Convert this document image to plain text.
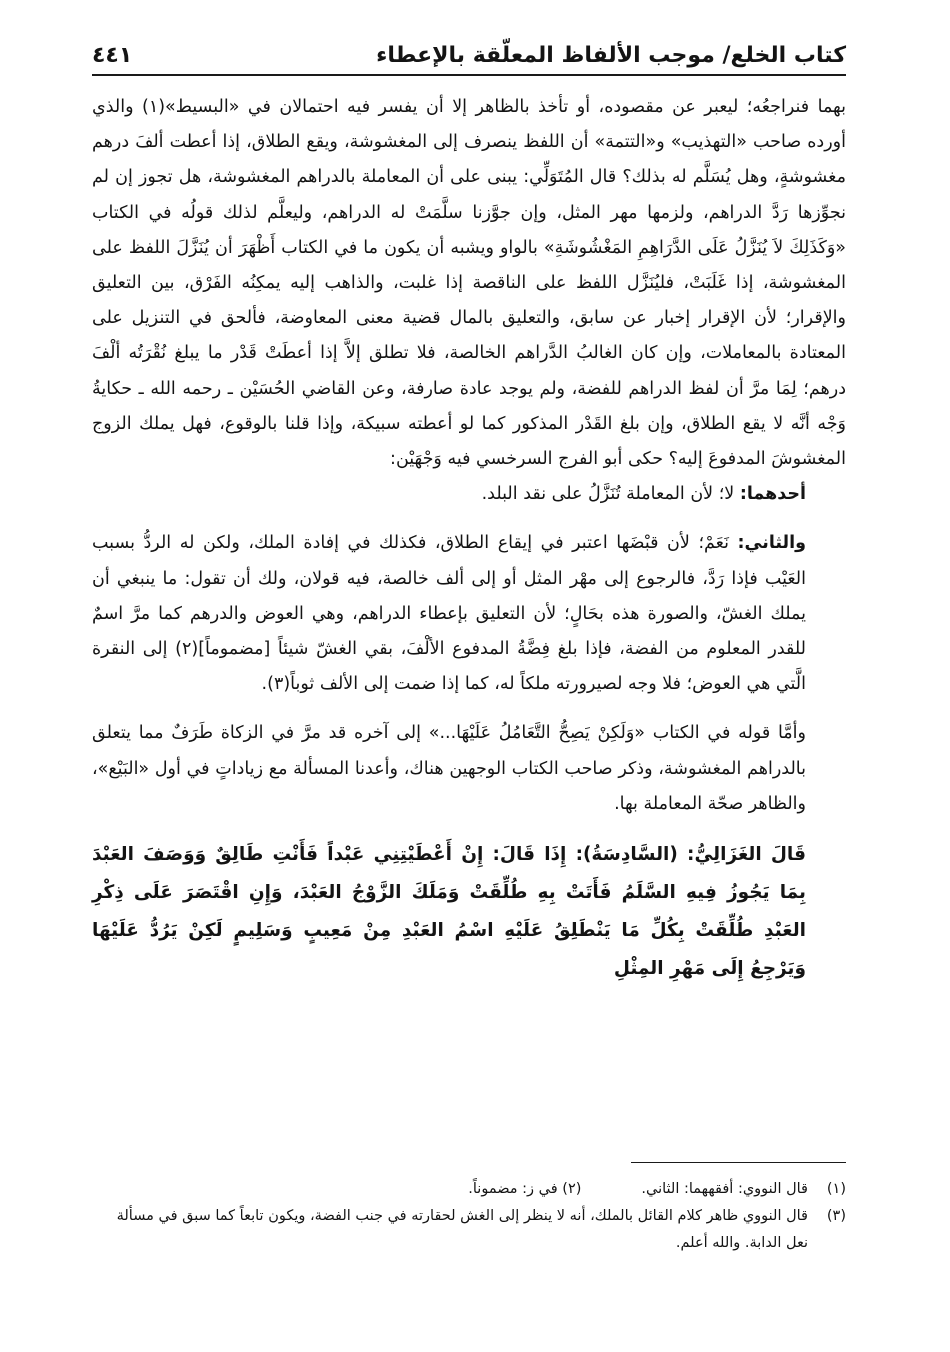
كتاب الخلع/ موجب الألفاظ المعلّقة بالإعطاء
٤٤١

بهما فنراجعُه؛ ليعبر عن مقصوده، أو تأخذ بالظاهر إلا أن يفسر فيه احتمالان في «البسيط»(١) والذي أورده صاحب «التهذيب» و«التتمة» أن اللفظ ينصرف إلى المغشوشة، ويقع الطلاق، إذا أعطت ألفَ درهم مغشوشةٍ، وهل يُسَلَّم له بذلك؟ قال المُتَوَلِّي: يبنى على أن المعاملة بالدراهم المغشوشة، هل تجوز إن لم نجوِّزها رَدَّ الدراهم، ولزمها مهر المثل، وإن جوَّزنا سلَّمَتْ له الدراهم، وليعلَّم لذلك قولُه في الكتاب «وَكَذَلِكَ لاَ يُنَزَّلُ عَلَى الدَّرَاهِمِ المَغْشُوشَةِ» بالواو ويشبه أن يكون ما في الكتاب أَظْهَرَ أن يُنَزَّلَ اللفظ على المغشوشة، إذا غَلَبَتْ، فليُنَزَّل اللفظ على الناقصة إذا غلبت، والذاهب إليه يمكِنُه الفَرْق، بين التعليق والإقرار؛ لأن الإقرار إخبار عن سابق، والتعليق بالمال قضية معنى المعاوضة، فألحق في التنزيل على المعتادة بالمعاملات، وإن كان الغالبُ الدَّراهم الخالصة، فلا تطلق إلاَّ إذا أعطَتْ قَدْر ما يبلغ نُقْرَتُه ألْفَ درهم؛ لِمَا مرَّ أن لفظ الدراهم للفضة، ولم يوجد عادة صارفة، وعن القاضي الحُسَيْن ـ رحمه الله ـ حكايةُ وَجْه أنَّه لا يقع الطلاق، وإن بلغ القَدْر المذكور كما لو أعطته سبيكة، وإذا قلنا بالوقوع، فهل يملك الزوج المغشوشَ المدفوعَ إليه؟ حكى أبو الفرج السرخسي فيه وَجْهَيْن:

أحدهما: لا؛ لأن المعاملة تُنَزَّلُ على نقد البلد.

والثاني: نَعَمْ؛ لأن قبْضَها اعتبر في إيقاع الطلاق، فكذلك في إفادة الملك، ولكن له الردُّ بسبب العَيْب فإذا رَدَّ، فالرجوع إلى مهْر المثل أو إلى ألف خالصة، فيه قولان، ولك أن تقول: ما ينبغي أن يملك الغشّ، والصورة هذه بحَالٍ؛ لأن التعليق بإعطاء الدراهم، وهي العوض والدرهم كما مرَّ اسمٌ للقدر المعلوم من الفضة، فإذا بلغ فِضَّةُ المدفوع الألْفَ، بقي الغشّ شيئاً [مضموماً](٢) إلى النقرة الَّتي هي العوض؛ فلا وجه لصيرورته ملكاً له، كما إذا ضمت إلى الألف ثوباً(٣).

وأمَّا قوله في الكتاب «وَلَكِنْ يَصِحُّ التَّعَامُلُ عَلَيْهَا...» إلى آخره قد مرَّ في الزكاة طَرَفٌ مما يتعلق بالدراهم المغشوشة، وذكر صاحب الكتاب الوجهين هناك، وأعدنا المسألة مع زياداتٍ في أول «البَيْع»، والظاهر صحّة المعاملة بها.

قَالَ الغَزَالِيُّ: (السَّادِسَةُ): إِذَا قَالَ: إِنْ أَعْطَيْتِنِي عَبْداً فَأَنْتِ طَالِقٌ وَوَصَفَ العَبْدَ بِمَا يَجُوزُ فِيهِ السَّلَمُ فَأَتَتْ بِهِ طُلِّقَتْ وَمَلَكَ الزَّوْجُ العَبْدَ، وَإِنِ اقْتَصَرَ عَلَى ذِكْرِ العَبْدِ طُلِّقَتْ بِكُلِّ مَا يَنْطَلِقُ عَلَيْهِ اسْمُ العَبْدِ مِنْ مَعِيبٍ وَسَلِيمٍ لَكِنْ يَرُدُّ عَلَيْهَا وَيَرْجِعُ إِلَى مَهْرِ المِثْلِ

(١)
قال النووي: أفقههما: الثاني.
(٢) في ز: مضموناً.
(٣)
قال النووي ظاهر كلام القائل بالملك، أنه لا ينظر إلى الغش لحقارته في جنب الفضة، ويكون تابعاً كما سبق في مسألة نعل الدابة. والله أعلم.
